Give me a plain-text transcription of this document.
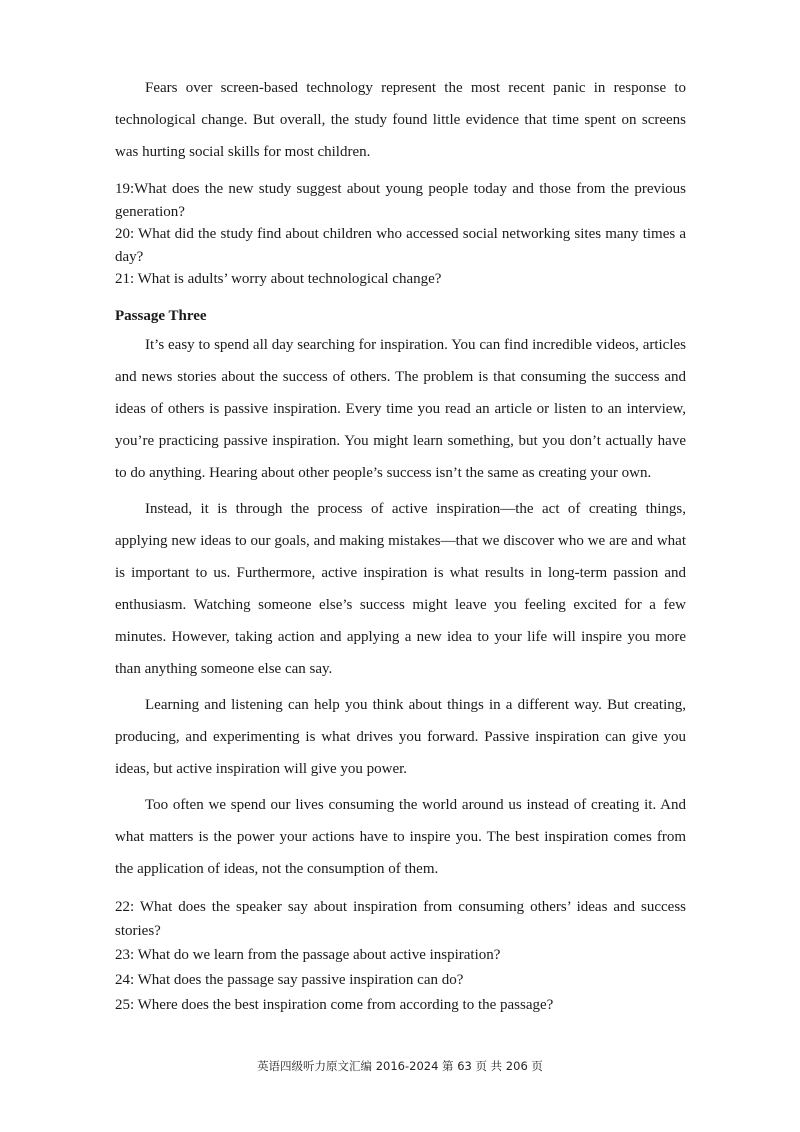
Fears over screen-based technology represent the most recent panic in response to technological change. But overall, the study found little evidence that time spent on screens was hurting social skills for most children.

19:What does the new study suggest about young people today and those from the previous generation?

20: What did the study find about children who accessed social networking sites many times a day?

21: What is adults’ worry about technological change?

Passage Three

It’s easy to spend all day searching for inspiration. You can find incredible videos, articles and news stories about the success of others. The problem is that consuming the success and ideas of others is passive inspiration. Every time you read an article or listen to an interview, you’re practicing passive inspiration. You might learn something, but you don’t actually have to do anything. Hearing about other people’s success isn’t the same as creating your own.

Instead, it is through the process of active inspiration—the act of creating things, applying new ideas to our goals, and making mistakes—that we discover who we are and what is important to us. Furthermore, active inspiration is what results in long-term passion and enthusiasm. Watching someone else’s success might leave you feeling excited for a few minutes. However, taking action and applying a new idea to your life will inspire you more than anything someone else can say.

Learning and listening can help you think about things in a different way. But creating, producing, and experimenting is what drives you forward. Passive inspiration can give you ideas, but active inspiration will give you power.

Too often we spend our lives consuming the world around us instead of creating it. And what matters is the power your actions have to inspire you. The best inspiration comes from the application of ideas, not the consumption of them.

22: What does the speaker say about inspiration from consuming others’ ideas and success stories?

23: What do we learn from the passage about active inspiration?

24: What does the passage say passive inspiration can do?

25: Where does the best inspiration come from according to the passage?

英语四级听力原文汇编 2016-2024 第 63 页 共 206 页
